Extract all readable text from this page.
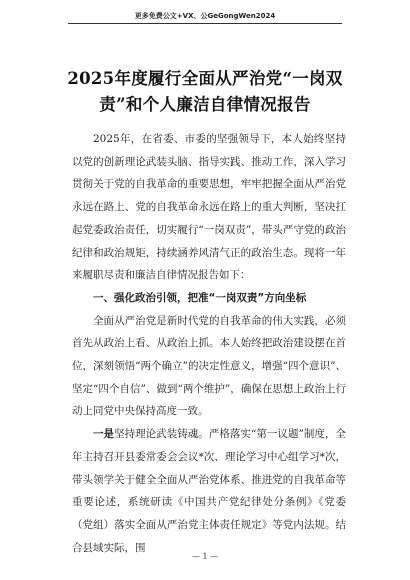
更多免费公文+VX、公GeGongWen2024
2025年度履行全面从严治党“一岗双
责”和个人廉洁自律情况报告

2025年，在省委、市委的坚强领导下，本人始终坚持以党的创新理论武装头脑、指导实践、推动工作，深入学习贯彻关于党的自我革命的重要思想，牢牢把握全面从严治党永远在路上、党的自我革命永远在路上的重大判断，坚决扛起党委政治责任，切实履行“一岗双责”，带头严守党的政治纪律和政治规矩，持续涵养风清气正的政治生态。现将一年来履职尽责和廉洁自律情况报告如下：

一、强化政治引领，把准“一岗双责”方向坐标

全面从严治党是新时代党的自我革命的伟大实践，必须首先从政治上看、从政治上抓。本人始终把政治建设摆在首位，深刻领悟“两个确立”的决定性意义，增强“四个意识”、坚定“四个自信”、做到“两个维护”，确保在思想上政治上行动上同党中央保持高度一致。

一是坚持理论武装铸魂。严格落实“第一议题”制度，全年主持召开县委常委会会议*次、理论学习中心组学习*次，带头领学关于健全全面从严治党体系、推进党的自我革命等重要论述，系统研读《中国共产党纪律处分条例》《党委（党组）落实全面从严治党主体责任规定》等党内法规。结合县域实际，围

— 1 —
